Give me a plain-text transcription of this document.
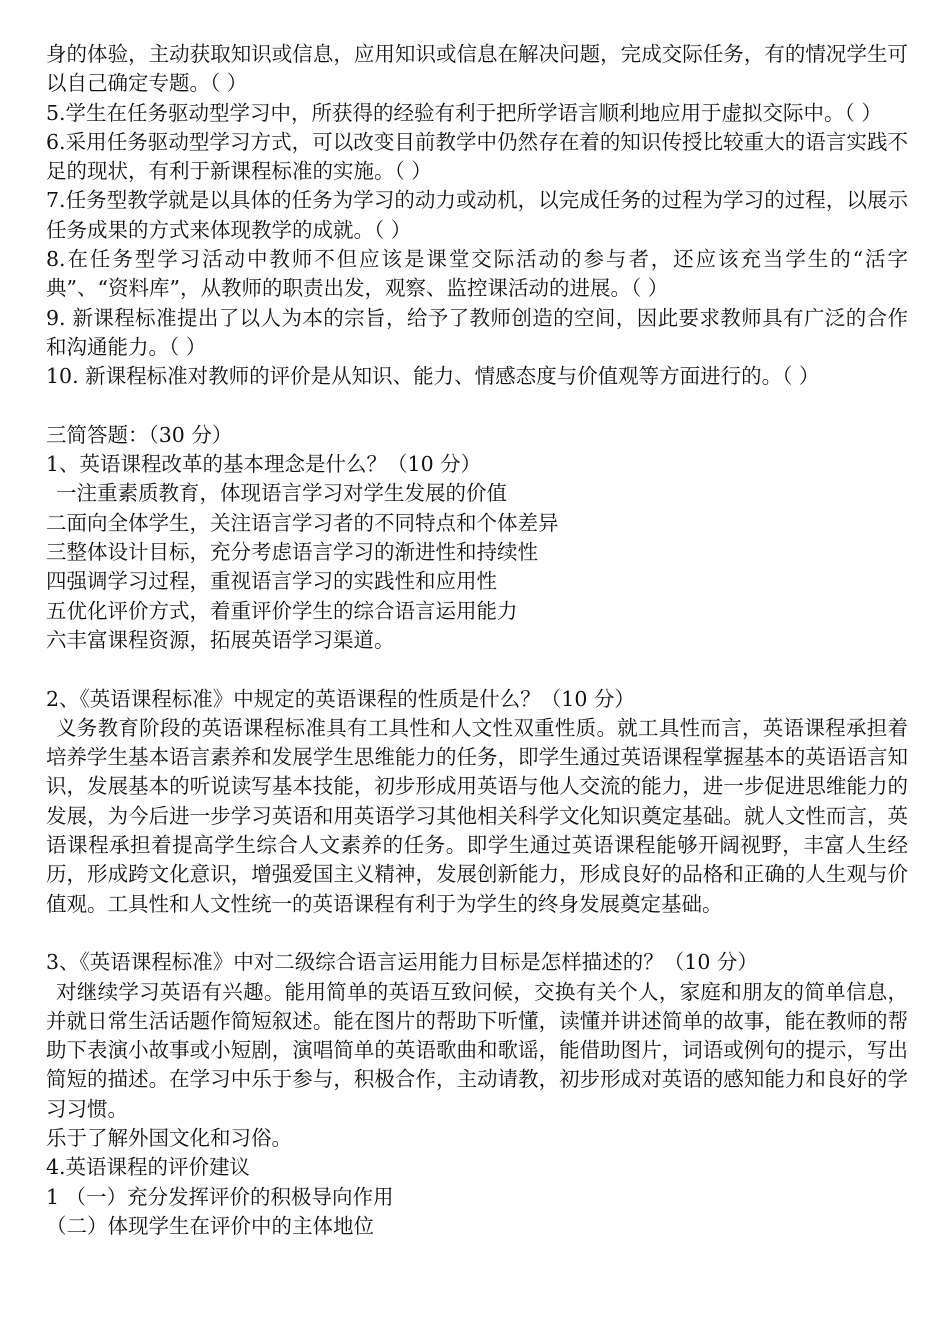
身的体验，主动获取知识或信息，应用知识或信息在解决问题，完成交际任务，有的情况学生可以自己确定专题。（ ）

5.学生在任务驱动型学习中，所获得的经验有利于把所学语言顺利地应用于虚拟交际中。（ ）

6.采用任务驱动型学习方式，可以改变目前教学中仍然存在着的知识传授比较重大的语言实践不足的现状，有利于新课程标准的实施。（ ）

7.任务型教学就是以具体的任务为学习的动力或动机，以完成任务的过程为学习的过程，以展示任务成果的方式来体现教学的成就。（ ）

8.在任务型学习活动中教师不但应该是课堂交际活动的参与者，还应该充当学生的“活字典”、“资料库”，从教师的职责出发，观察、监控课活动的进展。（ ）

9. 新课程标准提出了以人为本的宗旨，给予了教师创造的空间，因此要求教师具有广泛的合作和沟通能力。（ ）

10. 新课程标准对教师的评价是从知识、能力、情感态度与价值观等方面进行的。（ ）

三简答题：（30 分）

1、英语课程改革的基本理念是什么？（10 分）

一注重素质教育，体现语言学习对学生发展的价值

二面向全体学生，关注语言学习者的不同特点和个体差异

三整体设计目标，充分考虑语言学习的渐进性和持续性

四强调学习过程，重视语言学习的实践性和应用性

五优化评价方式，着重评价学生的综合语言运用能力

六丰富课程资源，拓展英语学习渠道。

2、《英语课程标准》中规定的英语课程的性质是什么？（10 分）

义务教育阶段的英语课程标准具有工具性和人文性双重性质。就工具性而言，英语课程承担着培养学生基本语言素养和发展学生思维能力的任务，即学生通过英语课程掌握基本的英语语言知识，发展基本的听说读写基本技能，初步形成用英语与他人交流的能力，进一步促进思维能力的发展，为今后进一步学习英语和用英语学习其他相关科学文化知识奠定基础。就人文性而言，英语课程承担着提高学生综合人文素养的任务。即学生通过英语课程能够开阔视野，丰富人生经历，形成跨文化意识，增强爱国主义精神，发展创新能力，形成良好的品格和正确的人生观与价值观。工具性和人文性统一的英语课程有利于为学生的终身发展奠定基础。

3、《英语课程标准》中对二级综合语言运用能力目标是怎样描述的？（10 分）

对继续学习英语有兴趣。能用简单的英语互致问候，交换有关个人，家庭和朋友的简单信息，并就日常生活话题作简短叙述。能在图片的帮助下听懂，读懂并讲述简单的故事，能在教师的帮助下表演小故事或小短剧，演唱简单的英语歌曲和歌谣，能借助图片，词语或例句的提示，写出简短的描述。在学习中乐于参与，积极合作，主动请教，初步形成对英语的感知能力和良好的学习习惯。

乐于了解外国文化和习俗。

4.英语课程的评价建议

1 （一）充分发挥评价的积极导向作用

（二）体现学生在评价中的主体地位
